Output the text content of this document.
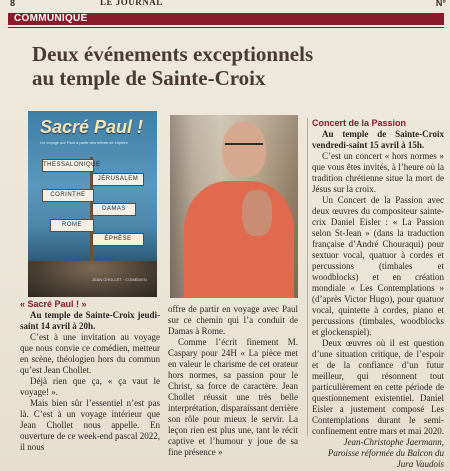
8	LE JOURNAL	N°
COMMUNIQUÉ
Deux événements exceptionnels
au temple de Sainte-Croix
Sacré Paul !
Un voyage sur Paul à partir des lettres de l’apôtre
THESSALONIQUE
JÉRUSALEM
CORINTHE
DAMAS
ROME
ÉPHÈSE
JEAN CHOLLET · COMÉDIEN

« Sacré Paul ! »

Au temple de Sainte-Croix jeudi-saint 14 avril à 20h.

C’est à une invitation au voyage que nous convie ce comédien, metteur en scène, théologien hors du commun qu’est Jean Chollet.

Déjà rien que ça, « ça vaut le voyage! ».

Mais bien sûr l’essentiel n’est pas là. C’est à un voyage intérieur que Jean Chollet nous appelle. En ouverture de ce week-end pascal 2022, il nous

offre de partir en voyage avec Paul sur ce chemin qui l’a conduit de Damas à Rome.

Comme l’écrit finement M. Caspary pour 24H « La pièce met en valeur le charisme de cet orateur hors normes, sa passion pour le Christ, sa force de caractère. Jean Chollet réussit une très belle interprétation, disparaissant derrière son rôle pour mieux le servir. La leçon rien est plus une, tant le récit captive et l’humour y joue de sa fine présence »

Concert de la Passion

Au temple de Sainte-Croix vendredi-saint 15 avril à 15h.

C’est un concert « hors normes » que vous êtes invités, à l’heure où la tradition chrétienne situe la mort de Jésus sur la croix.

Un Concert de la Passion avec deux œuvres du compositeur sainte-crix Daniel Eisler : « La Passion selon St-Jean » (dans la traduction française d’André Chouraqui) pour sextuor vocal, quatuor à cordes et percussions (timbales et woodblocks) et en création mondiale « Les Contemplations » (d’après Victor Hugo), pour quatuor vocal, quintette à cordes, piano et percussions (timbales, woodblocks et glockenspiel).

Deux œuvres où il est question d’une situation critique, de l’espoir et de la confiance d’un futur meilleur, qui résonnent tout particulièrement en cette période de questionnement existentiel. Daniel Eisler a justement composé Les Contemplations durant le semi-confinement entre mars et mai 2020.

Jean-Christophe Jaermann, Paroisse réformée du Balcon du Jura Vaudois
